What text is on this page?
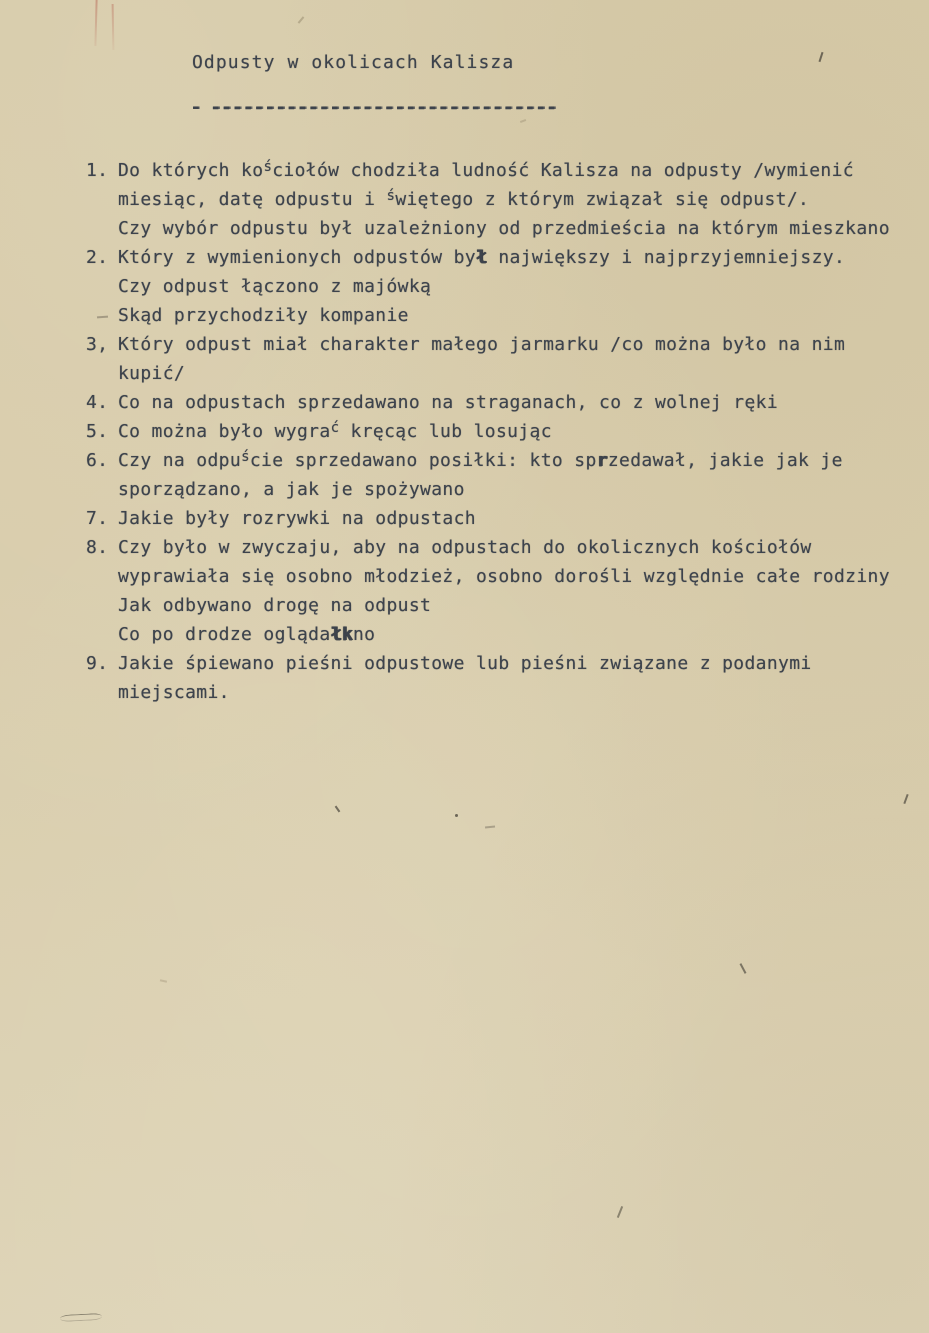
Odpusty w okolicach Kalisza

- --------------------------------

1. Do których $ko^ściołów$ chodziła ludność Kalisza na odpusty /wymienić
miesiąc, datę odpustu i $^ś$więtego z którym związał się odpust/.
Czy wybór odpustu był uzależniony od przedmieścia na którym mieszkano
2. Który z wymienionych odpustów był największy i najprzyjemniejszy.
Czy odpust łączono z majówką
Skąd przychodziły kompanie
3, Który odpust miał charakter małego jarmarku /co można było na nim
kupić/
4. Co na odpustach sprzedawano na straganach, co z wolnej ręki
5. Co można było wygra$^ć$ kręcąc lub losując
6. Czy na odpu$^ś$cie sprzedawano posiłki: kto sprzedawał, jakie jak je
sporządzano, a jak je spożywano
7. Jakie były rozrywki na odpustach
8. Czy było w zwyczaju, aby na odpustach do okolicznych kościołów
wyprawiała się osobno młodzież, osobno dorośli względnie całe rodziny
Jak odbywano drogę na odpust
Co po drodze oglądałkno
9. Jakie śpiewano pieśni odpustowe lub pieśni związane z podanymi
miejscami.
